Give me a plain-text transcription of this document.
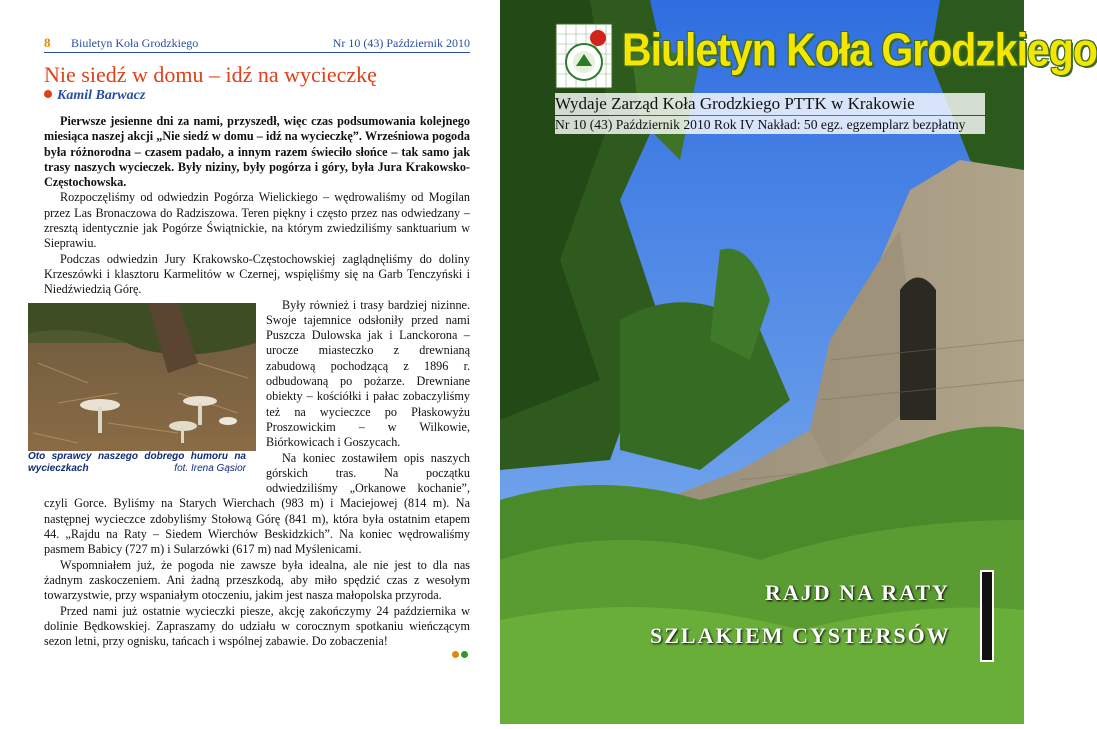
8 Biuletyn Koła Grodzkiego	Nr 10 (43) Październik 2010
Nie siedź w domu – idź na wycieczkę
Kamil Barwacz

Pierwsze jesienne dni za nami, przyszedł, więc czas podsumowania kolejnego miesiąca naszej akcji „Nie siedź w domu – idź na wycieczkę”. Wrześniowa pogoda była różnorodna – czasem padało, a innym razem świeciło słońce – tak samo jak trasy naszych wycieczek. Były niziny, były pogórza i góry, była Jura Krakowsko-Częstochowska.

Rozpoczęliśmy od odwiedzin Pogórza Wielickiego – wędrowaliśmy od Mogilan przez Las Bronaczowa do Radziszowa. Teren piękny i często przez nas odwiedzany – zresztą identycznie jak Pogórze Świątnickie, na którym zwiedziliśmy sanktuarium w Sieprawiu.

Podczas odwiedzin Jury Krakowsko-Częstochowskiej zaglądnęliśmy do doliny Krzeszówki i klasztoru Karmelitów w Czernej, wspięliśmy się na Garb Tenczyński i Niedźwiedzią Górę.

Oto sprawcy naszego dobrego humoru na wycieczkach	fot. Irena Gąsior

Były również i trasy bardziej nizinne. Swoje tajemnice odsłoniły przed nami Puszcza Dulowska jak i Lanckorona – urocze miasteczko z drewnianą zabudową pochodzącą z 1896 r. odbudowaną po pożarze. Drewniane obiekty – kościółki i pałac zobaczyliśmy też na wycieczce po Płaskowyżu Proszowickim – w Wilkowie, Biórkowicach i Goszycach.

Na koniec zostawiłem opis naszych górskich tras. Na początku odwiedziliśmy „Orkanowe kochanie”, czyli Gorce. Byliśmy na Starych Wierchach (983 m) i Maciejowej (814 m). Na następnej wycieczce zdobyliśmy Stołową Górę (841 m), która była ostatnim etapem 44. „Rajdu na Raty – Siedem Wierchów Beskidzkich”. Na koniec wędrowaliśmy pasmem Babicy (727 m) i Sularzówki (617 m) nad Myślenicami.

Wspomniałem już, że pogoda nie zawsze była idealna, ale nie jest to dla nas żadnym zaskoczeniem. Ani żadną przeszkodą, aby miło spędzić czas z wesołym towarzystwie, przy wspaniałym otoczeniu, jakim jest nasza małopolska przyroda.

Przed nami już ostatnie wycieczki piesze, akcję zakończymy 24 października w dolinie Będkowskiej. Zapraszamy do udziału w corocznym spotkaniu wieńczącym sezon letni, przy ognisku, tańcach i wspólnej zabawie. Do zobaczenia!

Biuletyn Koła Grodzkiego
Wydaje Zarząd Koła Grodzkiego PTTK w Krakowie
Nr 10 (43) Październik 2010 Rok IV Nakład: 50 egz. egzemplarz bezpłatny
RAJD NA RATY
SZLAKIEM CYSTERSÓW
